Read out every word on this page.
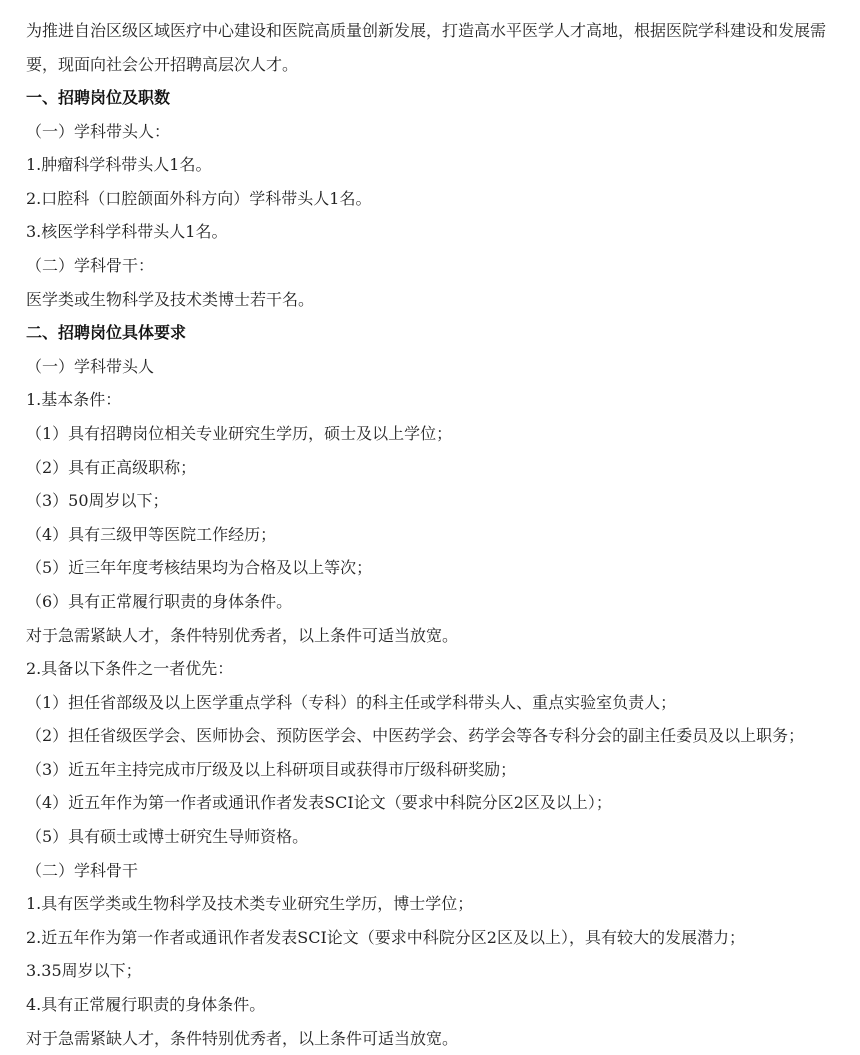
为推进自治区级区域医疗中心建设和医院高质量创新发展，打造高水平医学人才高地，根据医院学科建设和发展需要，现面向社会公开招聘高层次人才。
一、招聘岗位及职数
（一）学科带头人：
1.肿瘤科学科带头人1名。
2.口腔科（口腔颌面外科方向）学科带头人1名。
3.核医学科学科带头人1名。
（二）学科骨干：
医学类或生物科学及技术类博士若干名。
二、招聘岗位具体要求
（一）学科带头人
1.基本条件：
（1）具有招聘岗位相关专业研究生学历，硕士及以上学位；
（2）具有正高级职称；
（3）50周岁以下；
（4）具有三级甲等医院工作经历；
（5）近三年年度考核结果均为合格及以上等次；
（6）具有正常履行职责的身体条件。
对于急需紧缺人才，条件特别优秀者，以上条件可适当放宽。
2.具备以下条件之一者优先：
（1）担任省部级及以上医学重点学科（专科）的科主任或学科带头人、重点实验室负责人；
（2）担任省级医学会、医师协会、预防医学会、中医药学会、药学会等各专科分会的副主任委员及以上职务；
（3）近五年主持完成市厅级及以上科研项目或获得市厅级科研奖励；
（4）近五年作为第一作者或通讯作者发表SCI论文（要求中科院分区2区及以上）；
（5）具有硕士或博士研究生导师资格。
（二）学科骨干
1.具有医学类或生物科学及技术类专业研究生学历，博士学位；
2.近五年作为第一作者或通讯作者发表SCI论文（要求中科院分区2区及以上），具有较大的发展潜力；
3.35周岁以下；
4.具有正常履行职责的身体条件。
对于急需紧缺人才，条件特别优秀者，以上条件可适当放宽。
